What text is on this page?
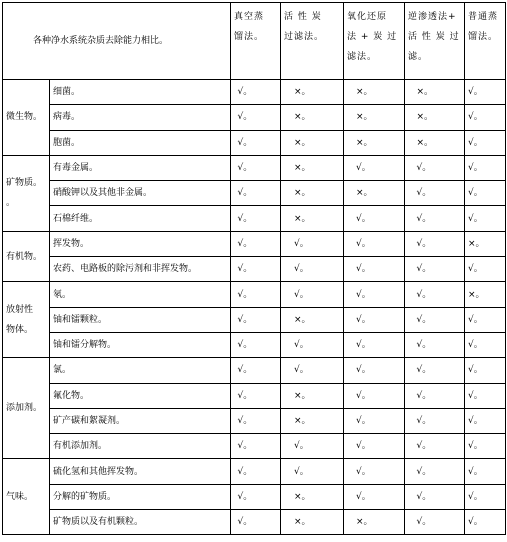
各种净水系统杂质去除能力相比。		真空蒸
馏法。	活 性 炭
过滤法。	氧化还原
法 + 炭 过
滤法。	逆渗透法+
活 性 炭 过
滤。	普通蒸
馏法。

微生物。	细菌。	√。	×。	×。	×。	√。
	病毒。	√。	×。	×。	×。	√。
	胞菌。	√。	×。	×。	×。	√。

矿物质。
。	有毒金属。	√。	×。	√。	√。	√。
	硝酸钾以及其他非金属。	√。	×。	×。	√。	√。
	石棉纤维。	√。	×。	√。	√。	√。

有机物。	挥发物。	√。	√。	√。	√。	×。
	农药、电路板的除污剂和非挥发物。	√。	√。	√。	√。	√。

放射性
物体。	氡。	√。	√。	√。	√。	×。
	铀和镭颗粒。	√。	×。	√。	√。	√。
	铀和镭分解物。	√。	√。	√。	√。	√。

添加剂。	氯。	√。	√。	√。	√。	√。
	氟化物。	√。	×。	√。	√。	√。
	矿产碳和絮凝剂。	√。	×。	√。	√。	√。
	有机添加剂。	√。	√。	√。	√。	√。

气味。	硫化氢和其他挥发物。	√。	√。	√。	√。	√。
	分解的矿物质。	√。	×。	√。	√。	√。
	矿物质以及有机颗粒。	√。	×。	×。	√。	√。
